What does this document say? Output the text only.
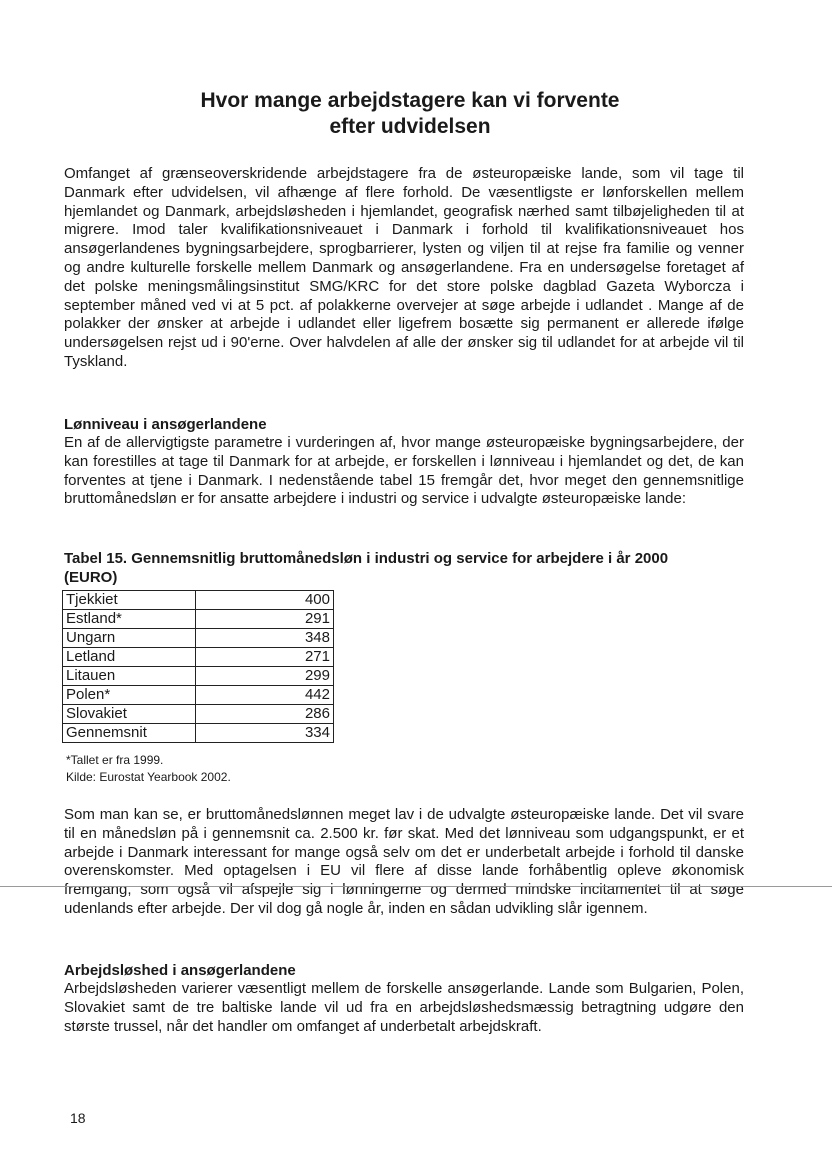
Hvor mange arbejdstagere kan vi forvente
efter udvidelsen

Omfanget af grænseoverskridende arbejdstagere fra de østeuropæiske lande, som vil tage til Danmark efter udvidelsen, vil afhænge af flere forhold. De væsentligste er lønforskellen mellem hjemlandet og Danmark, arbejdsløsheden i hjemlandet, geografisk nærhed samt tilbøjeligheden til at migrere. Imod taler kvalifikationsniveauet i Danmark i forhold til kvalifikationsniveauet hos ansøgerlandenes bygningsarbejdere, sprogbarrierer, lysten og viljen til at rejse fra familie og venner og andre kulturelle forskelle mellem Danmark og ansøgerlandene. Fra en undersøgelse foretaget af det polske meningsmålingsinstitut SMG/KRC for det store polske dagblad Gazeta Wyborcza i september måned ved vi at 5 pct. af polakkerne overvejer at søge arbejde i udlandet . Mange af de polakker der ønsker at arbejde i udlandet eller ligefrem bosætte sig permanent er allerede ifølge undersøgelsen rejst ud i 90'erne. Over halvdelen af alle der ønsker sig til udlandet for at arbejde vil til Tyskland.

Lønniveau i ansøgerlandene

En af de allervigtigste parametre i vurderingen af, hvor mange østeuropæiske bygningsarbejdere, der kan forestilles at tage til Danmark for at arbejde, er forskellen i lønniveau i hjemlandet og det, de kan forventes at tjene i Danmark. I nedenstående tabel 15 fremgår det, hvor meget den gennemsnitlige bruttomånedsløn er for ansatte arbejdere i industri og service i udvalgte østeuropæiske lande:

Tabel 15. Gennemsnitlig bruttomånedsløn i industri og service for arbejdere i år 2000 (EURO)

Tjekkiet	400
Estland*	291
Ungarn	348
Letland	271
Litauen	299
Polen*	442
Slovakiet	286
Gennemsnit	334

*Tallet er fra 1999.

Kilde: Eurostat Yearbook 2002.

Som man kan se, er bruttomånedslønnen meget lav i de udvalgte østeuropæiske lande. Det vil svare til en månedsløn på i gennemsnit ca. 2.500 kr. før skat. Med det lønniveau som udgangspunkt, er et arbejde i Danmark interessant for mange også selv om det er underbetalt arbejde i forhold til danske overenskomster. Med optagelsen i EU vil flere af disse lande forhåbentlig opleve økonomisk fremgang, som også vil afspejle sig i lønningerne og dermed mindske incitamentet til at søge udenlands efter arbejde. Der vil dog gå nogle år, inden en sådan udvikling slår igennem.

Arbejdsløshed i ansøgerlandene

Arbejdsløsheden varierer væsentligt mellem de forskelle ansøgerlande. Lande som Bulgarien, Polen, Slovakiet samt de tre baltiske lande vil ud fra en arbejdsløshedsmæssig betragtning udgøre den største trussel, når det handler om omfanget af underbetalt arbejdskraft.

18
